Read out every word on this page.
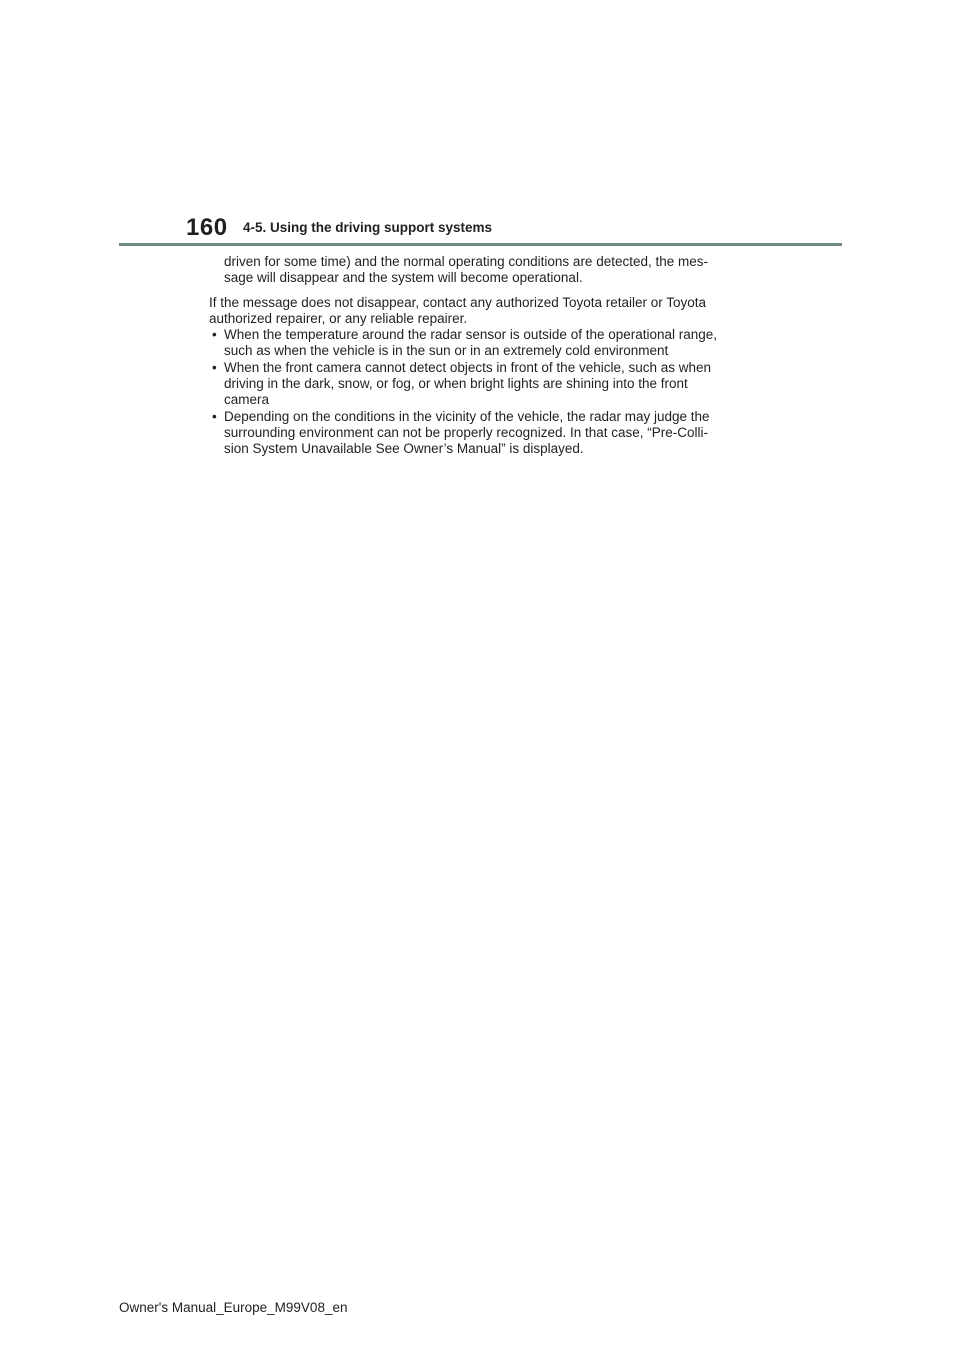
160 4-5. Using the driving support systems

driven for some time) and the normal operating conditions are detected, the mes-
sage will disappear and the system will become operational.

If the message does not disappear, contact any authorized Toyota retailer or Toyota
authorized repairer, or any reliable repairer.

• When the temperature around the radar sensor is outside of the operational range,
such as when the vehicle is in the sun or in an extremely cold environment
• When the front camera cannot detect objects in front of the vehicle, such as when
driving in the dark, snow, or fog, or when bright lights are shining into the front
camera
• Depending on the conditions in the vicinity of the vehicle, the radar may judge the
surrounding environment can not be properly recognized. In that case, “Pre-Colli-
sion System Unavailable See Owner’s Manual” is displayed.
Owner's Manual_Europe_M99V08_en
